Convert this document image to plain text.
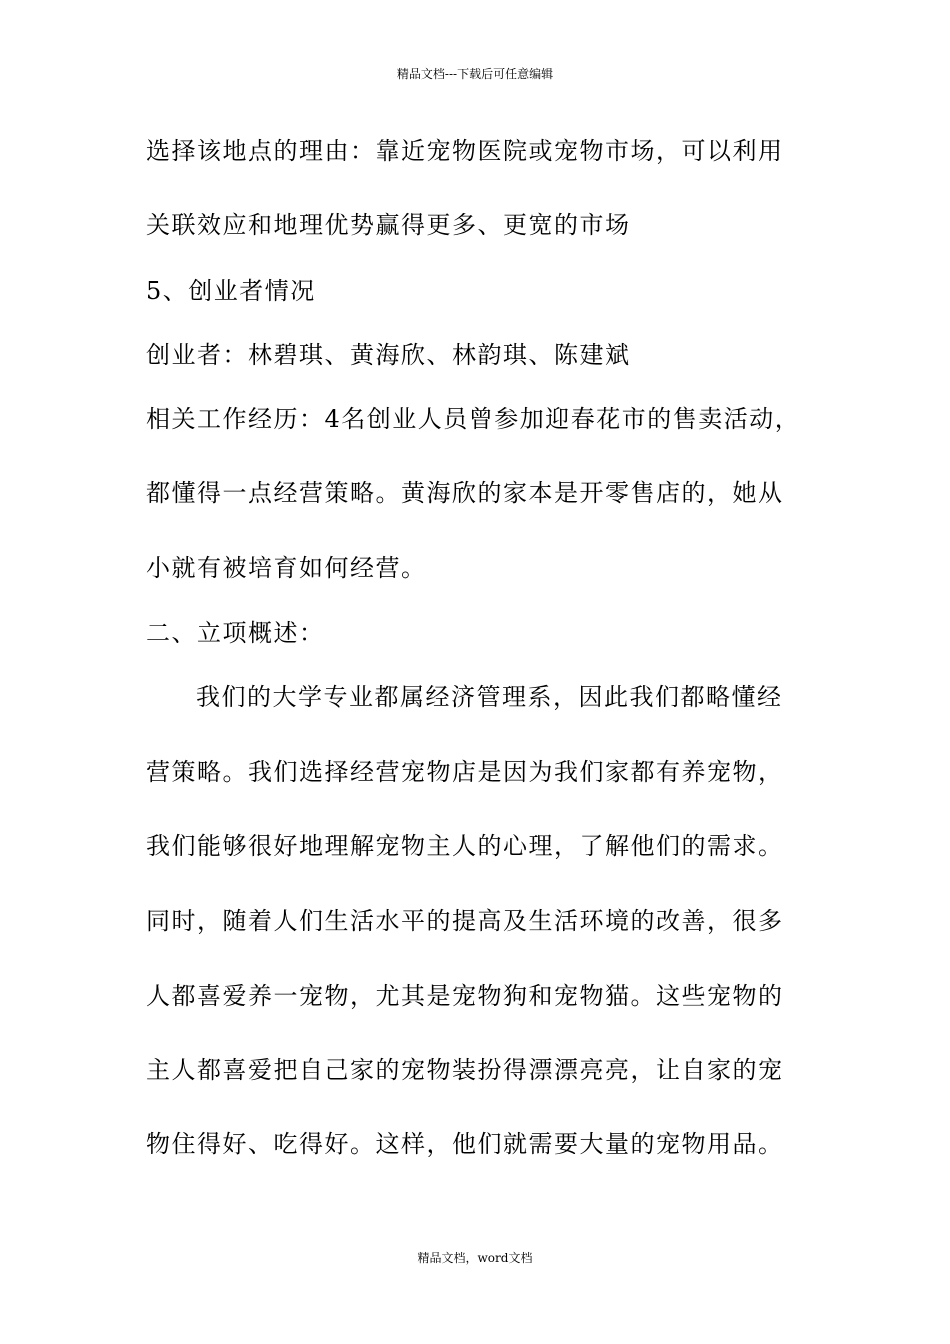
精品文档---下载后可任意编辑
选择该地点的理由：靠近宠物医院或宠物市场，可以利用
关联效应和地理优势赢得更多、更宽的市场
5、创业者情况
创业者：林碧琪、黄海欣、林韵琪、陈建斌
相关工作经历：4名创业人员曾参加迎春花市的售卖活动，
都懂得一点经营策略。黄海欣的家本是开零售店的，她从
小就有被培育如何经营。
二、立项概述：
我们的大学专业都属经济管理系，因此我们都略懂经
营策略。我们选择经营宠物店是因为我们家都有养宠物，
我们能够很好地理解宠物主人的心理，了解他们的需求。
同时，随着人们生活水平的提高及生活环境的改善，很多
人都喜爱养一宠物，尤其是宠物狗和宠物猫。这些宠物的
主人都喜爱把自己家的宠物装扮得漂漂亮亮，让自家的宠
物住得好、吃得好。这样，他们就需要大量的宠物用品。
精品文档，word文档
